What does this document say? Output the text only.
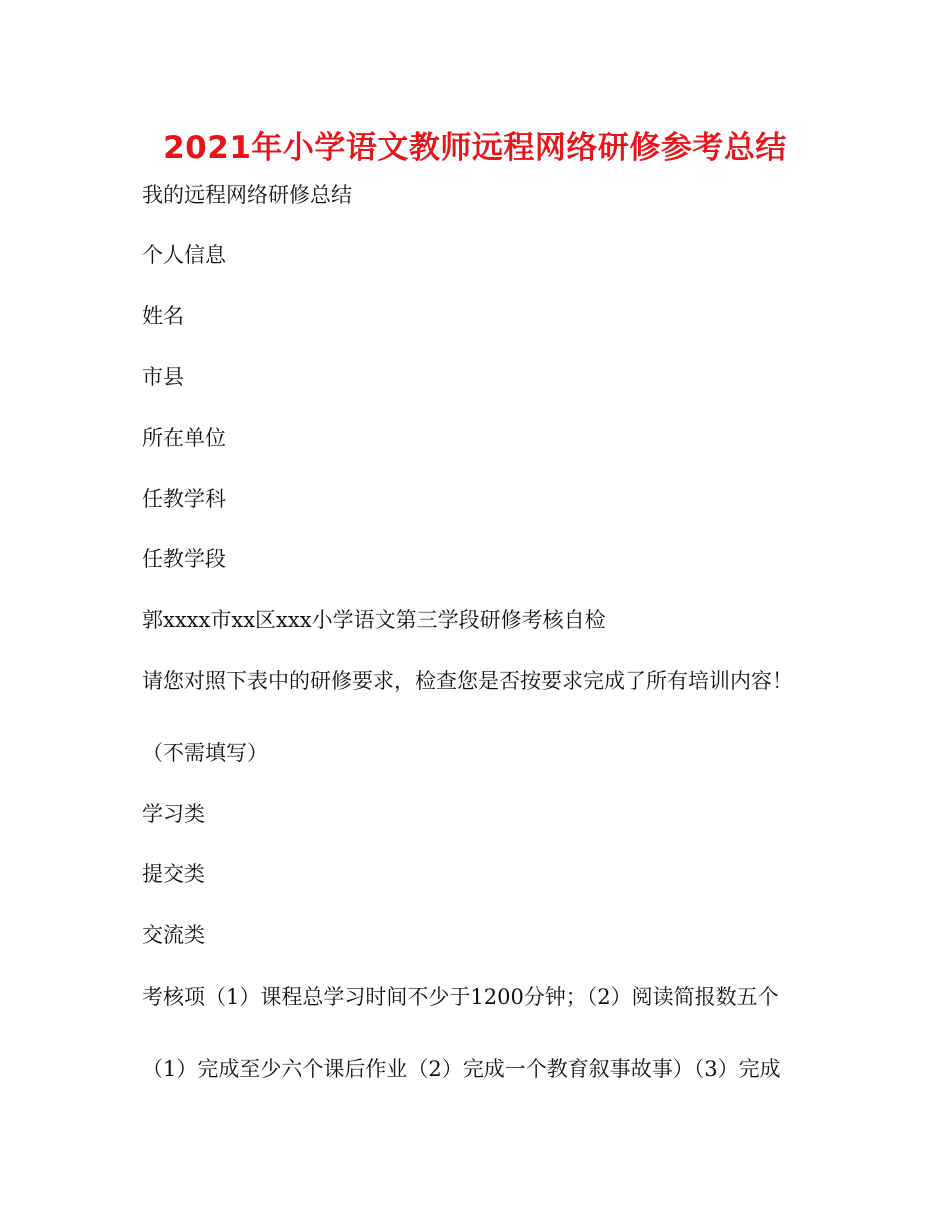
2021年小学语文教师远程网络研修参考总结
我的远程网络研修总结
个人信息
姓名
市县
所在单位
任教学科
任教学段
郭xxxx市xx区xxx小学语文第三学段研修考核自检
请您对照下表中的研修要求，检查您是否按要求完成了所有培训内容！
（不需填写）
学习类
提交类
交流类
考核项（1）课程总学习时间不少于1200分钟；（2）阅读简报数五个
（1）完成至少六个课后作业（2）完成一个教育叙事故事）（3）完成
